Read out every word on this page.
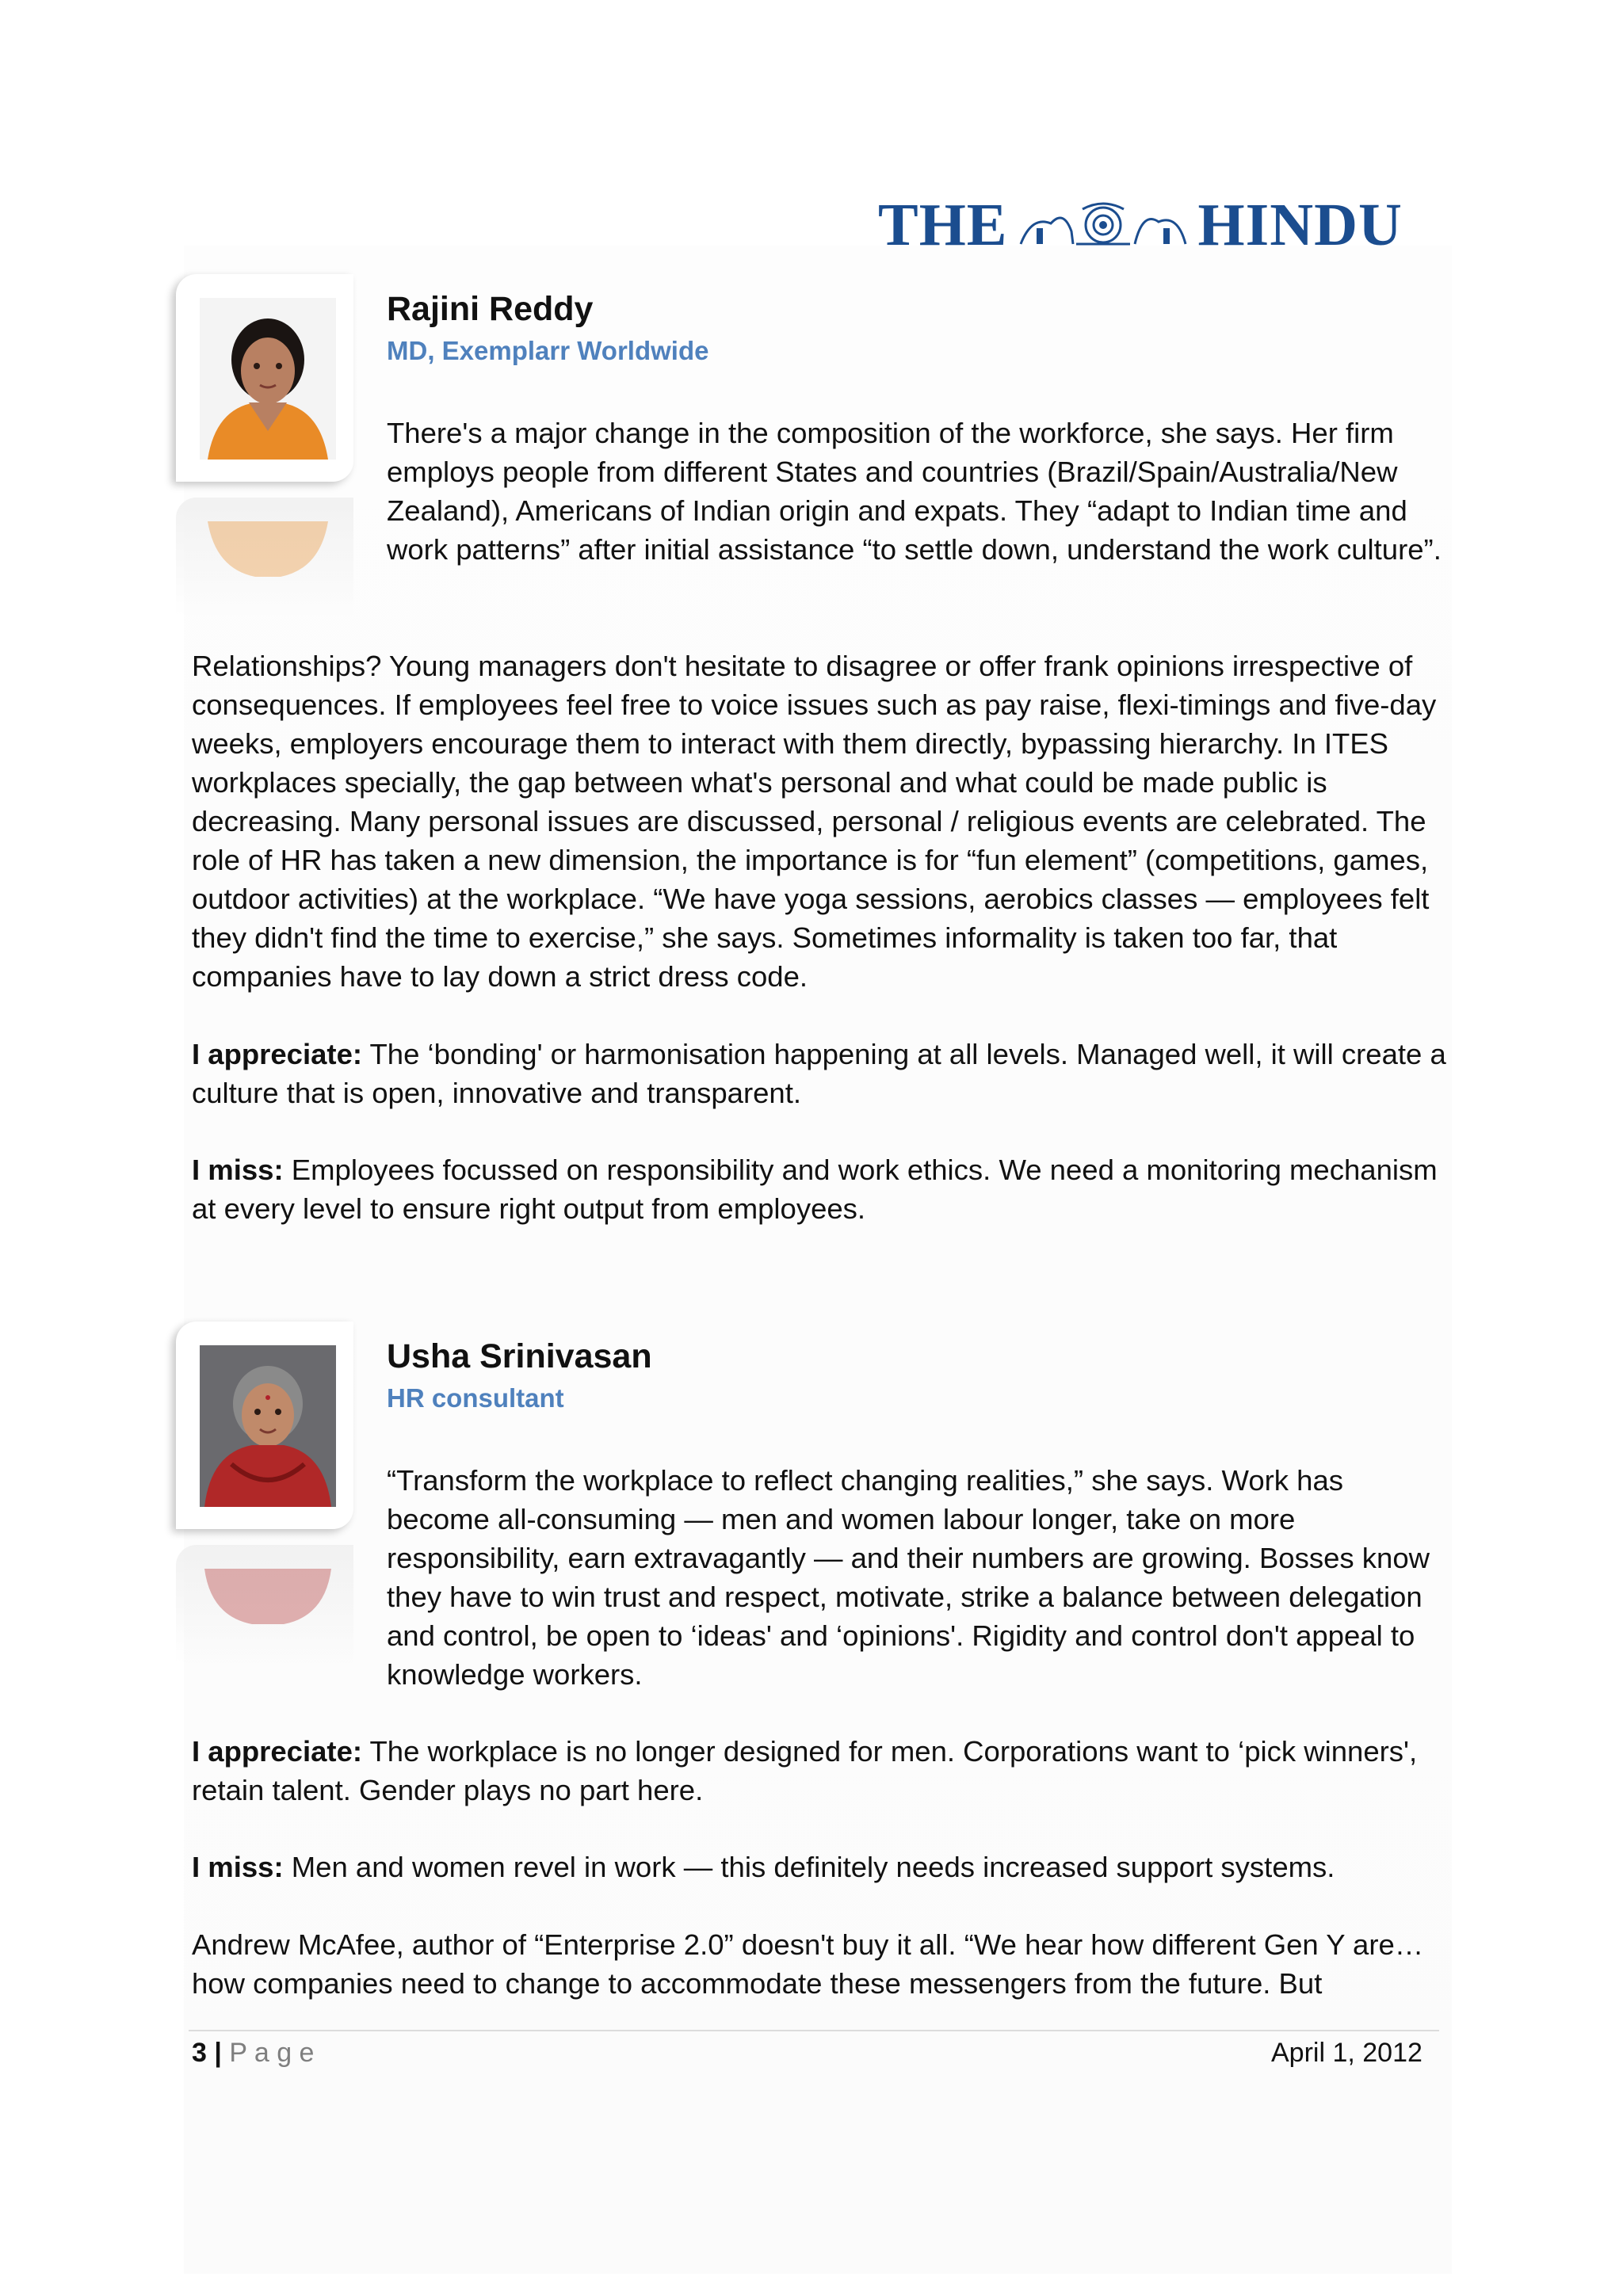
THE	HINDU
Rajini Reddy
MD, Exemplarr Worldwide
There's a major change in the composition of the workforce, she says. Her firm employs people from different States and countries (Brazil/Spain/Australia/New Zealand), Americans of Indian origin and expats. They “adapt to Indian time and work patterns” after initial assistance “to settle down, understand the work culture”.
Relationships? Young managers don't hesitate to disagree or offer frank opinions irrespective of consequences. If employees feel free to voice issues such as pay raise, flexi-timings and five-day weeks, employers encourage them to interact with them directly, bypassing hierarchy. In ITES workplaces specially, the gap between what's personal and what could be made public is decreasing. Many personal issues are discussed, personal / religious events are celebrated. The role of HR has taken a new dimension, the importance is for “fun element” (competitions, games, outdoor activities) at the workplace. “We have yoga sessions, aerobics classes — employees felt they didn't find the time to exercise,” she says. Sometimes informality is taken too far, that companies have to lay down a strict dress code.
I appreciate: The ‘bonding' or harmonisation happening at all levels. Managed well, it will create a culture that is open, innovative and transparent.
I miss: Employees focussed on responsibility and work ethics. We need a monitoring mechanism at every level to ensure right output from employees.
Usha Srinivasan
HR consultant
“Transform the workplace to reflect changing realities,” she says. Work has become all-consuming — men and women labour longer, take on more responsibility, earn extravagantly — and their numbers are growing. Bosses know they have to win trust and respect, motivate, strike a balance between delegation and control, be open to ‘ideas' and ‘opinions'. Rigidity and control don't appeal to knowledge workers.
I appreciate: The workplace is no longer designed for men. Corporations want to ‘pick winners', retain talent. Gender plays no part here.
I miss: Men and women revel in work — this definitely needs increased support systems.
Andrew McAfee, author of “Enterprise 2.0” doesn't buy it all. “We hear how different Gen Y are… how companies need to change to accommodate these messengers from the future. But
3 | P a g e	April 1, 2012
